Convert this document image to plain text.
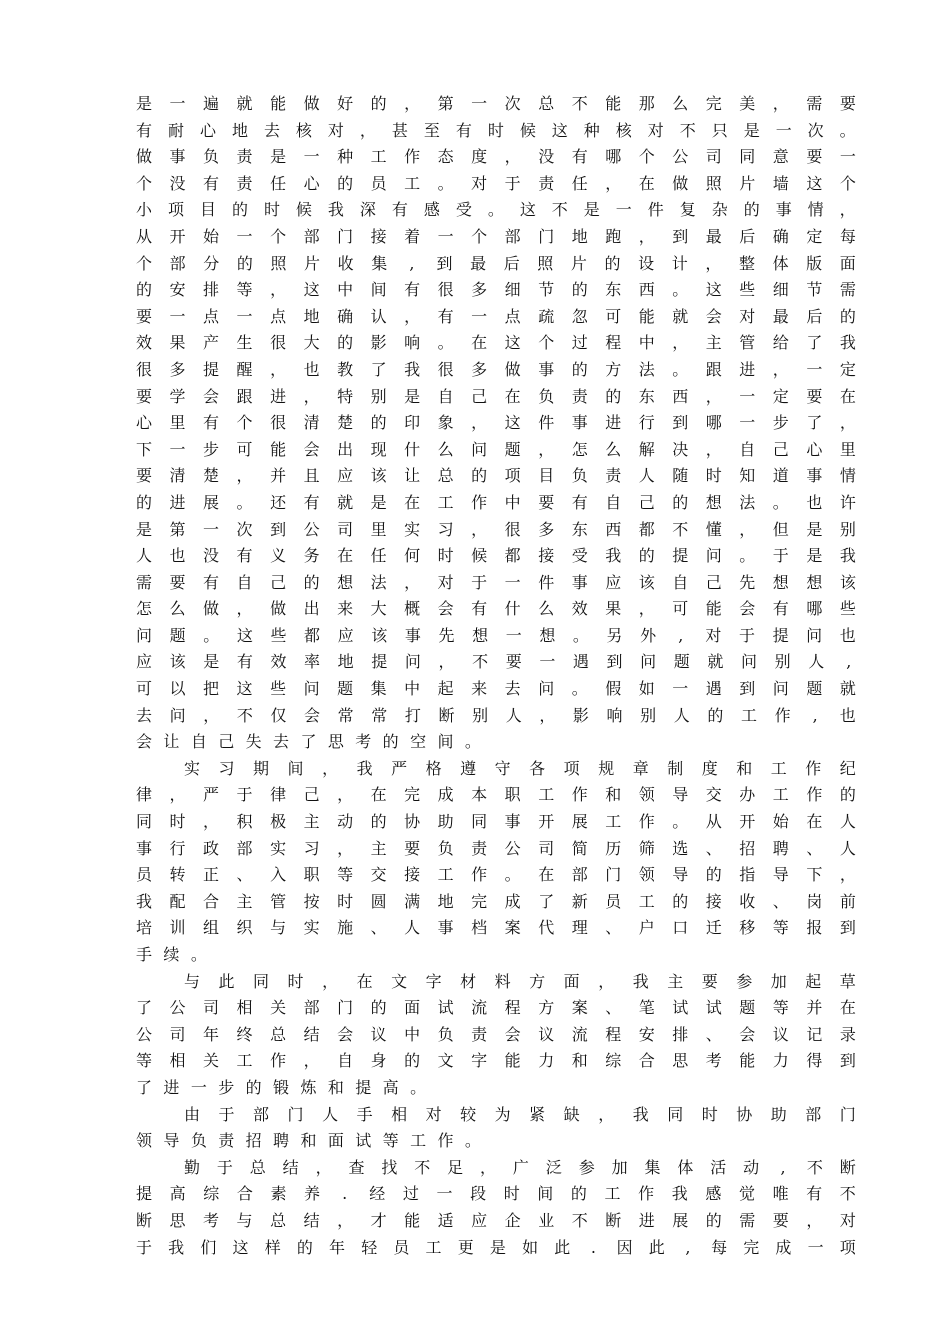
是 一 遍 就 能 做 好 的 ， 第 一 次 总 不 能 那 么 完 美 ， 需 要
有 耐 心 地 去 核 对 ， 甚 至 有 时 候 这 种 核 对 不 只 是 一 次 。
做 事 负 责 是 一 种 工 作 态 度 ， 没 有 哪 个 公 司 同 意 要 一
个 没 有 责 任 心 的 员 工 。 对 于 责 任 ， 在 做 照 片 墙 这 个
小 项 目 的 时 候 我 深 有 感 受 。 这 不 是 一 件 复 杂 的 事 情 ，
从 开 始 一 个 部 门 接 着 一 个 部 门 地 跑 ， 到 最 后 确 定 每
个 部 分 的 照 片 收 集 , 到 最 后 照 片 的 设 计 ， 整 体 版 面
的 安 排 等 ， 这 中 间 有 很 多 细 节 的 东 西 。 这 些 细 节 需
要 一 点 一 点 地 确 认 ， 有 一 点 疏 忽 可 能 就 会 对 最 后 的
效 果 产 生 很 大 的 影 响 。 在 这 个 过 程 中 ， 主 管 给 了 我
很 多 提 醒 ， 也 教 了 我 很 多 做 事 的 方 法 。 跟 进 ， 一 定
要 学 会 跟 进 ， 特 别 是 自 己 在 负 责 的 东 西 ， 一 定 要 在
心 里 有 个 很 清 楚 的 印 象 ， 这 件 事 进 行 到 哪 一 步 了 ，
下 一 步 可 能 会 出 现 什 么 问 题 ， 怎 么 解 决 ， 自 己 心 里
要 清 楚 ， 并 且 应 该 让 总 的 项 目 负 责 人 随 时 知 道 事 情
的 进 展 。 还 有 就 是 在 工 作 中 要 有 自 己 的 想 法 。 也 许
是 第 一 次 到 公 司 里 实 习 ， 很 多 东 西 都 不 懂 ， 但 是 别
人 也 没 有 义 务 在 任 何 时 候 都 接 受 我 的 提 问 。 于 是 我
需 要 有 自 己 的 想 法 ， 对 于 一 件 事 应 该 自 己 先 想 想 该
怎 么 做 ， 做 出 来 大 概 会 有 什 么 效 果 ， 可 能 会 有 哪 些
问 题 。 这 些 都 应 该 事 先 想 一 想 。 另 外 , 对 于 提 问 也
应 该 是 有 效 率 地 提 问 ， 不 要 一 遇 到 问 题 就 问 别 人 ,
可 以 把 这 些 问 题 集 中 起 来 去 问 。 假 如 一 遇 到 问 题 就
去 问 ， 不 仅 会 常 常 打 断 别 人 ， 影 响 别 人 的 工 作 , 也
会 让 自 己 失 去 了 思 考 的 空 间 。
实 习 期 间 ， 我 严 格 遵 守 各 项 规 章 制 度 和 工 作 纪
律 ， 严 于 律 己 ， 在 完 成 本 职 工 作 和 领 导 交 办 工 作 的
同 时 ， 积 极 主 动 的 协 助 同 事 开 展 工 作 。 从 开 始 在 人
事 行 政 部 实 习 ， 主 要 负 责 公 司 简 历 筛 选 、 招 聘 、 人
员 转 正 、 入 职 等 交 接 工 作 。 在 部 门 领 导 的 指 导 下 ，
我 配 合 主 管 按 时 圆 满 地 完 成 了 新 员 工 的 接 收 、 岗 前
培 训 组 织 与 实 施 、 人 事 档 案 代 理 、 户 口 迁 移 等 报 到
手 续 。
与 此 同 时 ， 在 文 字 材 料 方 面 ， 我 主 要 参 加 起 草
了 公 司 相 关 部 门 的 面 试 流 程 方 案 、 笔 试 试 题 等 并 在
公 司 年 终 总 结 会 议 中 负 责 会 议 流 程 安 排 、 会 议 记 录
等 相 关 工 作 ， 自 身 的 文 字 能 力 和 综 合 思 考 能 力 得 到
了 进 一 步 的 锻 炼 和 提 高 。
由 于 部 门 人 手 相 对 较 为 紧 缺 ， 我 同 时 协 助 部 门
领 导 负 责 招 聘 和 面 试 等 工 作 。
勤 于 总 结 ， 查 找 不 足 ， 广 泛 参 加 集 体 活 动 , 不 断
提 高 综 合 素 养 . 经 过 一 段 时 间 的 工 作 我 感 觉 唯 有 不
断 思 考 与 总 结 ， 才 能 适 应 企 业 不 断 进 展 的 需 要 ， 对
于 我 们 这 样 的 年 轻 员 工 更 是 如 此 . 因 此 , 每 完 成 一 项
